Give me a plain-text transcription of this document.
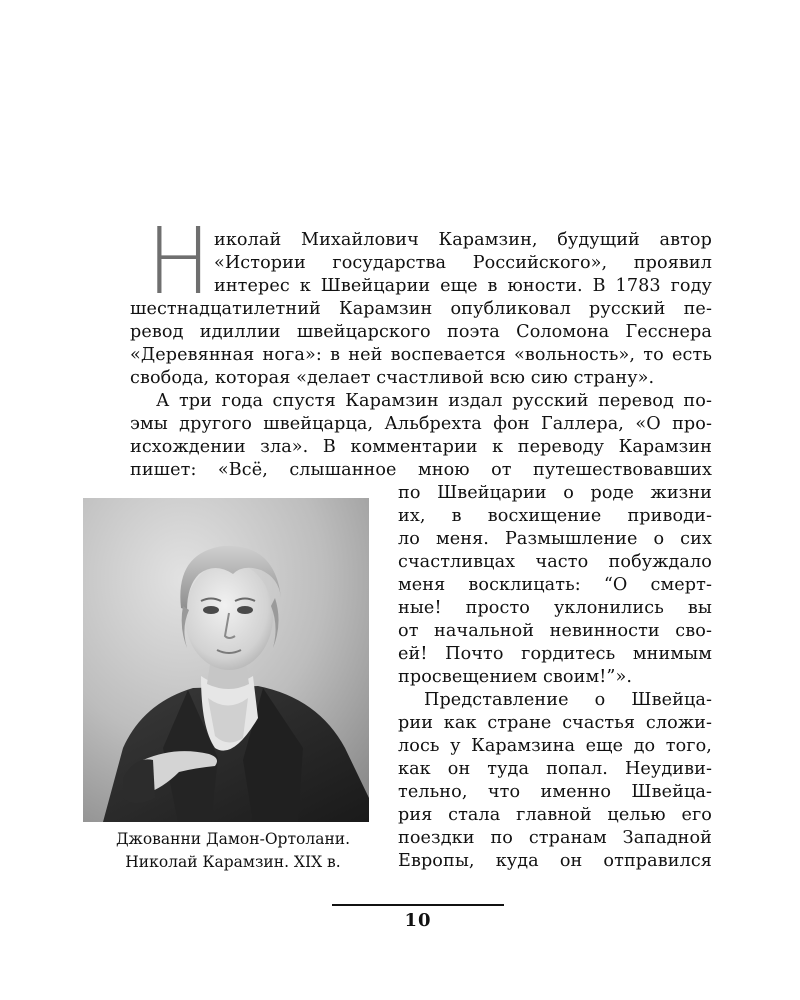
Н иколай Михайлович Карамзин, будущий автор
«Истории государства Российского», проявил
интерес к Швейцарии еще в юности. В 1783 году
шестнадцатилетний Карамзин опубликовал русский пе-
ревод идиллии швейцарского поэта Соломона Гесснера
«Деревянная нога»: в ней воспевается «вольность», то есть
свобода, которая «делает счастливой всю сию страну».
А три года спустя Карамзин издал русский перевод по-
эмы другого швейцарца, Альбрехта фон Галлера, «О про-
исхождении зла». В комментарии к переводу Карамзин
пишет: «Всё, слышанное мною от путешествовавших
по Швейцарии о роде жизни
их, в восхищение приводи-
ло меня. Размышление о сих
счастливцах часто побуждало
меня восклицать: “О смерт-
ные! просто уклонились вы
от начальной невинности сво-
ей! Почто гордитесь мнимым
просвещением своим!”».
Представление о Швейца-
рии как стране счастья сложи-
лось у Карамзина еще до того,
как он туда попал. Неудиви-
тельно, что именно Швейца-
рия стала главной целью его
поездки по странам Западной
Европы, куда он отправился
Джованни Дамон-Ортолани.
Николай Карамзин. XIX в.
10
